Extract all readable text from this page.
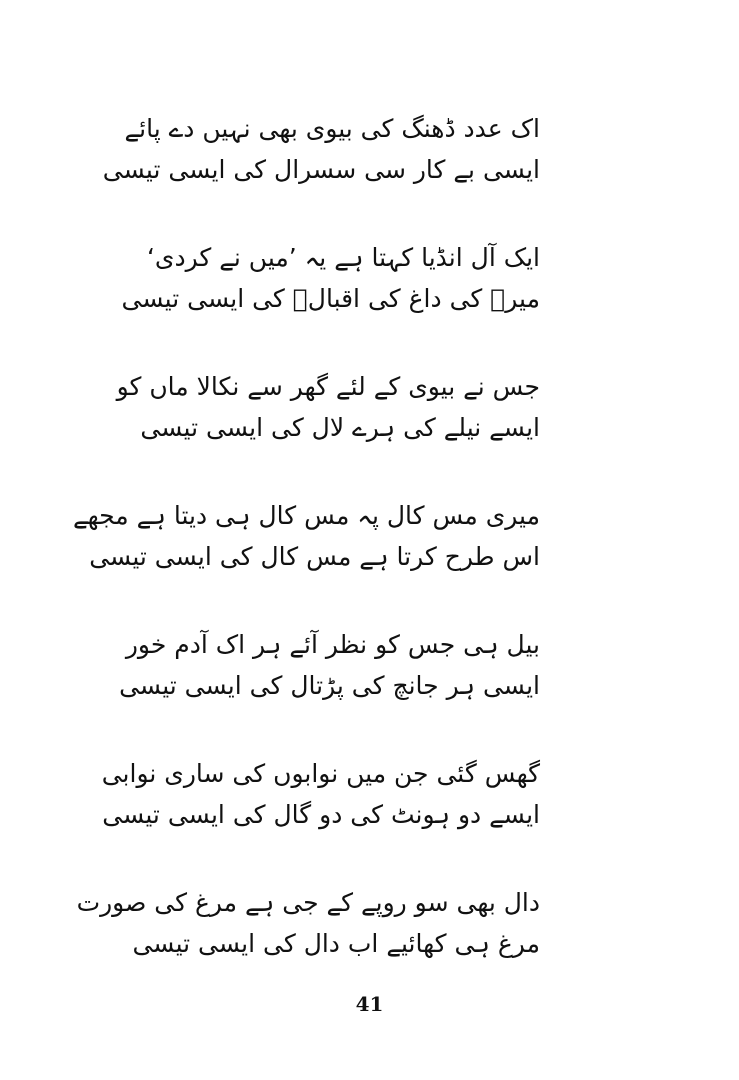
اک عدد ڈھنگ کی بیوی بھی نہیں دے پائے
ایسی بے کار سی سسرال کی ایسی تیسی
ایک آل انڈیا کہتا ہے یہ ’میں نے کردی‘
میرؔ کی داغ کی اقبالؔ کی ایسی تیسی
جس نے بیوی کے لئے گھر سے نکالا ماں کو
ایسے نیلے کی ہرے لال کی ایسی تیسی
میری مس کال پہ مس کال ہی دیتا ہے مجھے
اس طرح کرتا ہے مس کال کی ایسی تیسی
بیل ہی جس کو نظر آئے ہر اک آدم خور
ایسی ہر جانچ کی پڑتال کی ایسی تیسی
گھس گئی جن میں نوابوں کی ساری نوابی
ایسے دو ہونٹ کی دو گال کی ایسی تیسی
دال بھی سو روپے کے جی ہے مرغ کی صورت
مرغ ہی کھائیے اب دال کی ایسی تیسی
41
